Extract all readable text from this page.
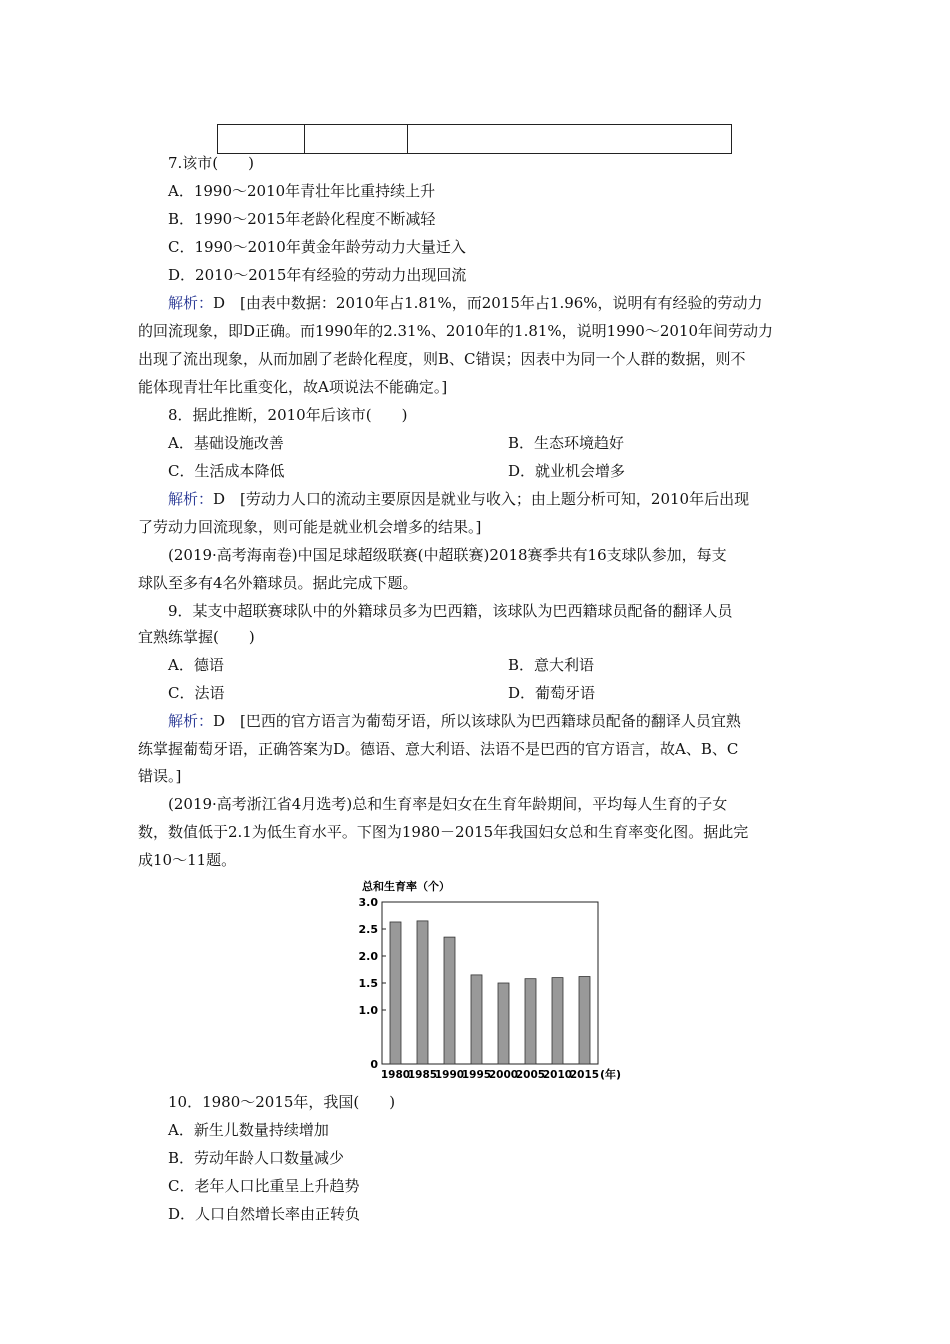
7.该市(　　)
A．1990～2010年青壮年比重持续上升
B．1990～2015年老龄化程度不断减轻
C．1990～2010年黄金年龄劳动力大量迁入
D．2010～2015年有经验的劳动力出现回流
解析：D　[由表中数据：2010年占1.81%，而2015年占1.96%，说明有有经验的劳动力
的回流现象，即D正确。而1990年的2.31%、2010年的1.81%，说明1990～2010年间劳动力
出现了流出现象，从而加剧了老龄化程度，则B、C错误；因表中为同一个人群的数据，则不
能体现青壮年比重变化，故A项说法不能确定。]
8．据此推断，2010年后该市(　　)
A．基础设施改善	B．生态环境趋好
C．生活成本降低	D．就业机会增多
解析：D　[劳动力人口的流动主要原因是就业与收入；由上题分析可知，2010年后出现
了劳动力回流现象，则可能是就业机会增多的结果。]
(2019·高考海南卷)中国足球超级联赛(中超联赛)2018赛季共有16支球队参加，每支
球队至多有4名外籍球员。据此完成下题。
9．某支中超联赛球队中的外籍球员多为巴西籍，该球队为巴西籍球员配备的翻译人员
宜熟练掌握(　　)
A．德语	B．意大利语
C．法语	D．葡萄牙语
解析：D　[巴西的官方语言为葡萄牙语，所以该球队为巴西籍球员配备的翻译人员宜熟
练掌握葡萄牙语，正确答案为D。德语、意大利语、法语不是巴西的官方语言，故A、B、C
错误。]
(2019·高考浙江省4月选考)总和生育率是妇女在生育年龄期间，平均每人生育的子女
数，数值低于2.1为低生育水平。下图为1980－2015年我国妇女总和生育率变化图。据此完
成10～11题。
总和生育率（个）
0
1.0
1.5
2.0
2.5
3.0
1980
1985
1990
1995
2000
2005
2010
2015 (年)
10．1980～2015年，我国(　　)
A．新生儿数量持续增加
B．劳动年龄人口数量减少
C．老年人口比重呈上升趋势
D．人口自然增长率由正转负
